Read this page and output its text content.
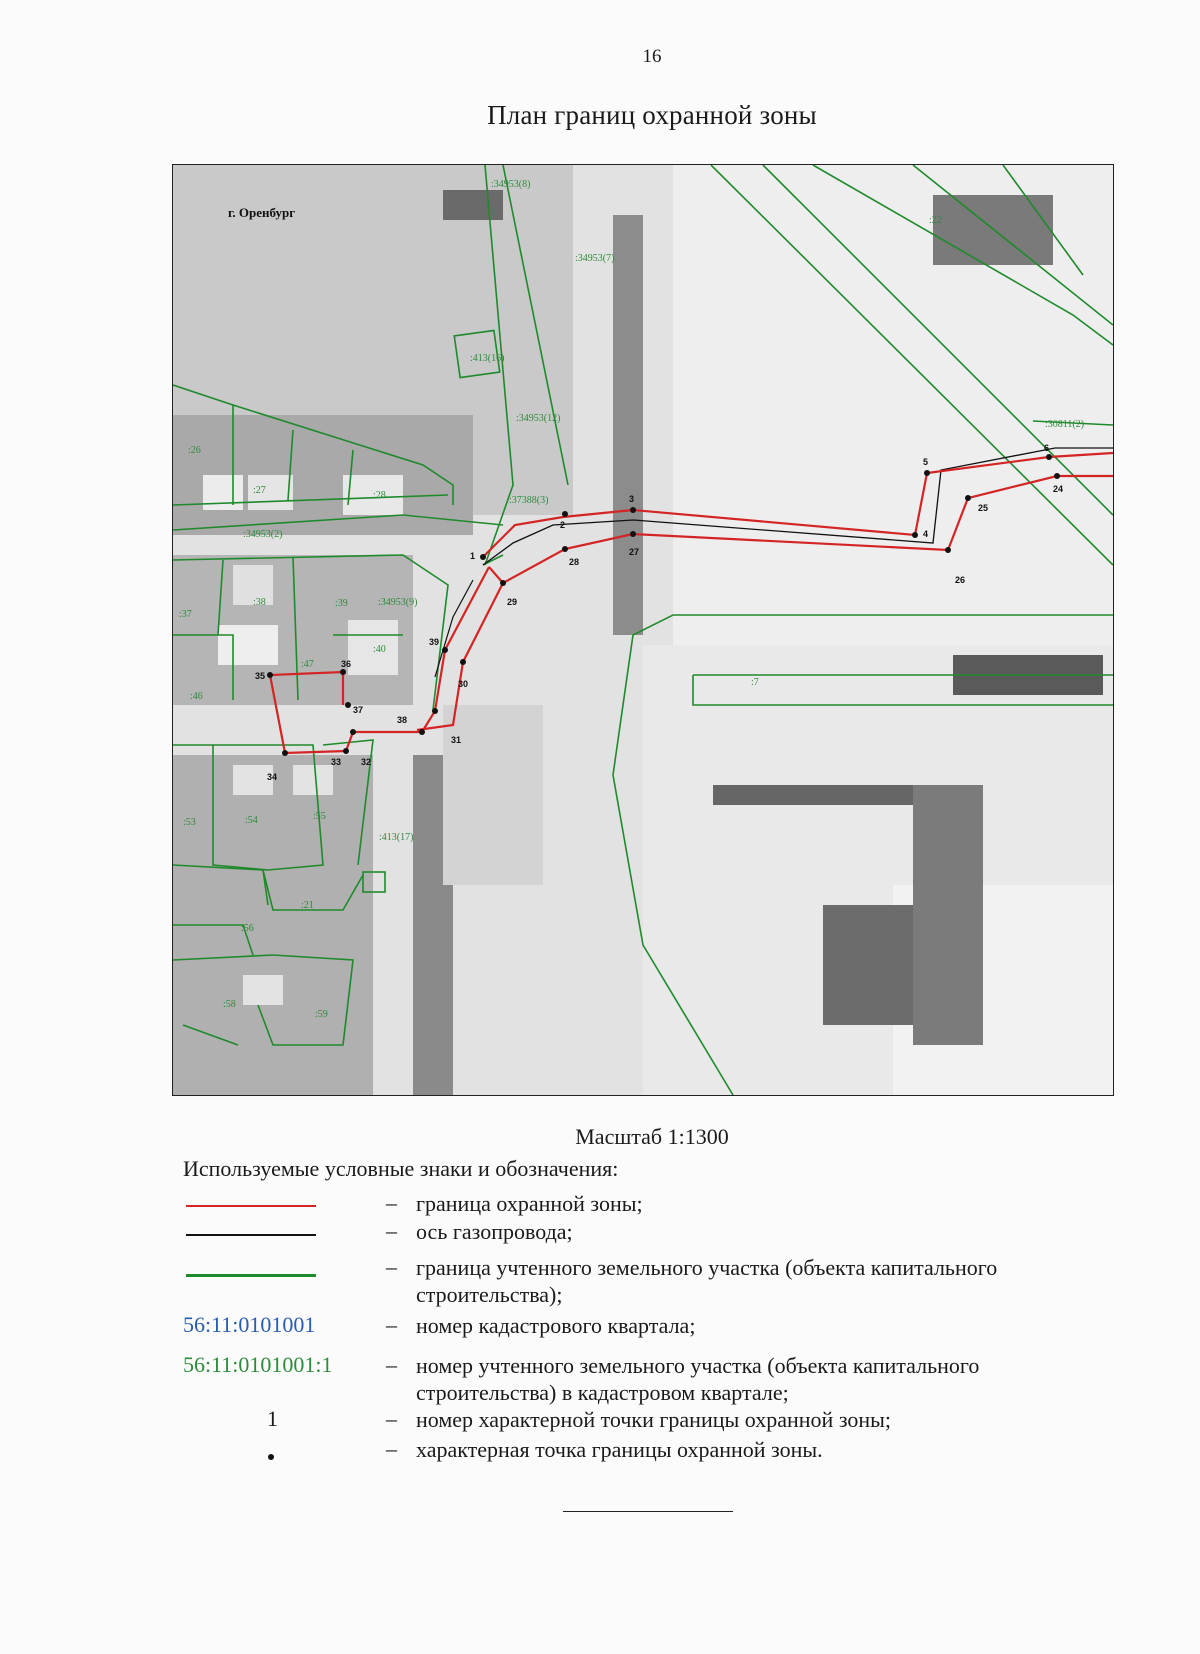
16
План границ охранной зоны
г. Оренбург
:34953(8)
:34953(7)
:22
:413(16)
:34953(12)
:30811(2)
:26
:27	:28	:37388(3)
:34953(2)
:37
:38	:39	:34953(9)
:40
:47
:46
:7
:53	:54	:55
:413(17)
:21
:56
:58
:59
1
2
3
4
5
6
24
25
26
27
28
29
30
31
32
33
34
35
36
37
38
39
Масштаб 1:1300
Используемые условные знаки и обозначения:
– граница охранной зоны;
– ось газопровода;
– граница учтенного земельного участка (объекта капитального строительства);
56:11:0101001	– номер кадастрового квартала;
56:11:0101001:1 – номер учтенного земельного участка (объекта капитального строительства) в кадастровом квартале;
1	– номер характерной точки границы охранной зоны;
– характерная точка границы охранной зоны.
